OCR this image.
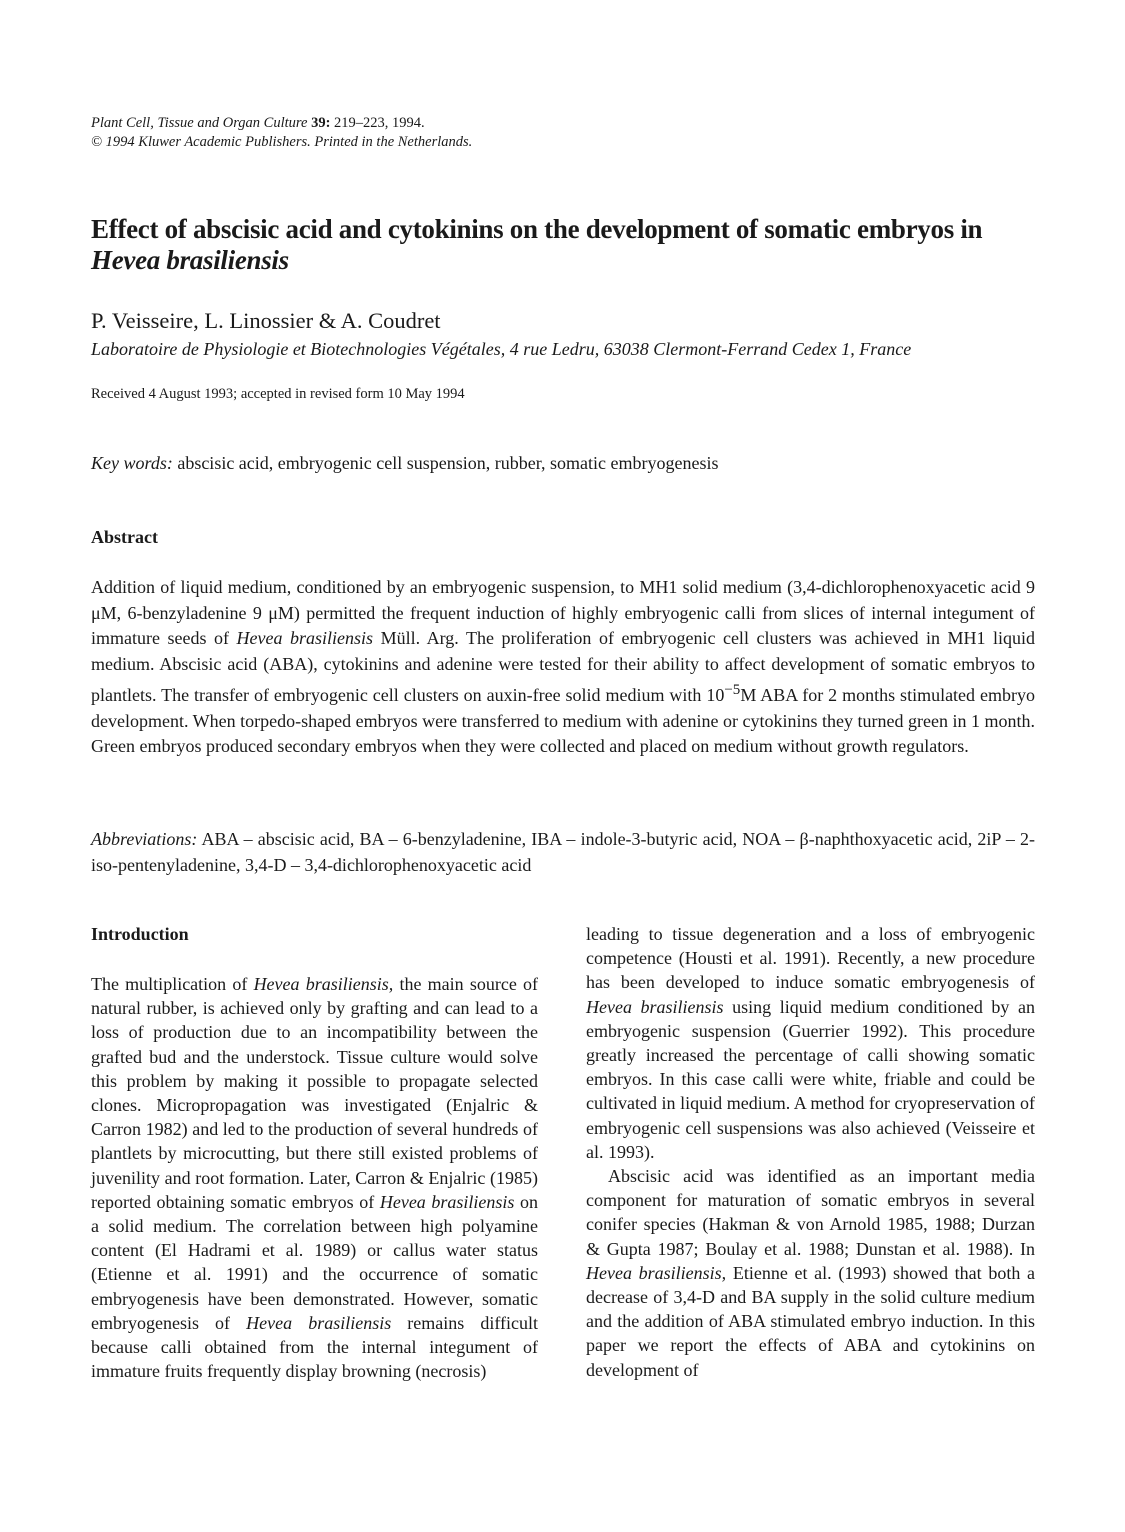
Plant Cell, Tissue and Organ Culture 39: 219–223, 1994.
© 1994 Kluwer Academic Publishers. Printed in the Netherlands.
Effect of abscisic acid and cytokinins on the development of somatic embryos in Hevea brasiliensis
P. Veisseire, L. Linossier & A. Coudret
Laboratoire de Physiologie et Biotechnologies Végétales, 4 rue Ledru, 63038 Clermont-Ferrand Cedex 1, France
Received 4 August 1993; accepted in revised form 10 May 1994
Key words: abscisic acid, embryogenic cell suspension, rubber, somatic embryogenesis
Abstract
Addition of liquid medium, conditioned by an embryogenic suspension, to MH1 solid medium (3,4-dichlorophenoxyacetic acid 9 μM, 6-benzyladenine 9 μM) permitted the frequent induction of highly embryogenic calli from slices of internal integument of immature seeds of Hevea brasiliensis Müll. Arg. The proliferation of embryogenic cell clusters was achieved in MH1 liquid medium. Abscisic acid (ABA), cytokinins and adenine were tested for their ability to affect development of somatic embryos to plantlets. The transfer of embryogenic cell clusters on auxin-free solid medium with $10^{-5}M$ ABA for 2 months stimulated embryo development. When torpedo-shaped embryos were transferred to medium with adenine or cytokinins they turned green in 1 month. Green embryos produced secondary embryos when they were collected and placed on medium without growth regulators.
Abbreviations: ABA – abscisic acid, BA – 6-benzyladenine, IBA – indole-3-butyric acid, NOA – β-naphthoxyacetic acid, 2iP – 2-iso-pentenyladenine, 3,4-D – 3,4-dichlorophenoxyacetic acid
Introduction
The multiplication of Hevea brasiliensis, the main source of natural rubber, is achieved only by grafting and can lead to a loss of production due to an incompatibility between the grafted bud and the understock. Tissue culture would solve this problem by making it possible to propagate selected clones. Micropropagation was investigated (Enjalric & Carron 1982) and led to the production of several hundreds of plantlets by microcutting, but there still existed problems of juvenility and root formation. Later, Carron & Enjalric (1985) reported obtaining somatic embryos of Hevea brasiliensis on a solid medium. The correlation between high polyamine content (El Hadrami et al. 1989) or callus water status (Etienne et al. 1991) and the occurrence of somatic embryogenesis have been demonstrated. However, somatic embryogenesis of Hevea brasiliensis remains difficult because calli obtained from the internal integument of immature fruits frequently display browning (necrosis)

leading to tissue degeneration and a loss of embryogenic competence (Housti et al. 1991). Recently, a new procedure has been developed to induce somatic embryogenesis of Hevea brasiliensis using liquid medium conditioned by an embryogenic suspension (Guerrier 1992). This procedure greatly increased the percentage of calli showing somatic embryos. In this case calli were white, friable and could be cultivated in liquid medium. A method for cryopreservation of embryogenic cell suspensions was also achieved (Veisseire et al. 1993).

Abscisic acid was identified as an important media component for maturation of somatic embryos in several conifer species (Hakman & von Arnold 1985, 1988; Durzan & Gupta 1987; Boulay et al. 1988; Dunstan et al. 1988). In Hevea brasiliensis, Etienne et al. (1993) showed that both a decrease of 3,4-D and BA supply in the solid culture medium and the addition of ABA stimulated embryo induction. In this paper we report the effects of ABA and cytokinins on development of
